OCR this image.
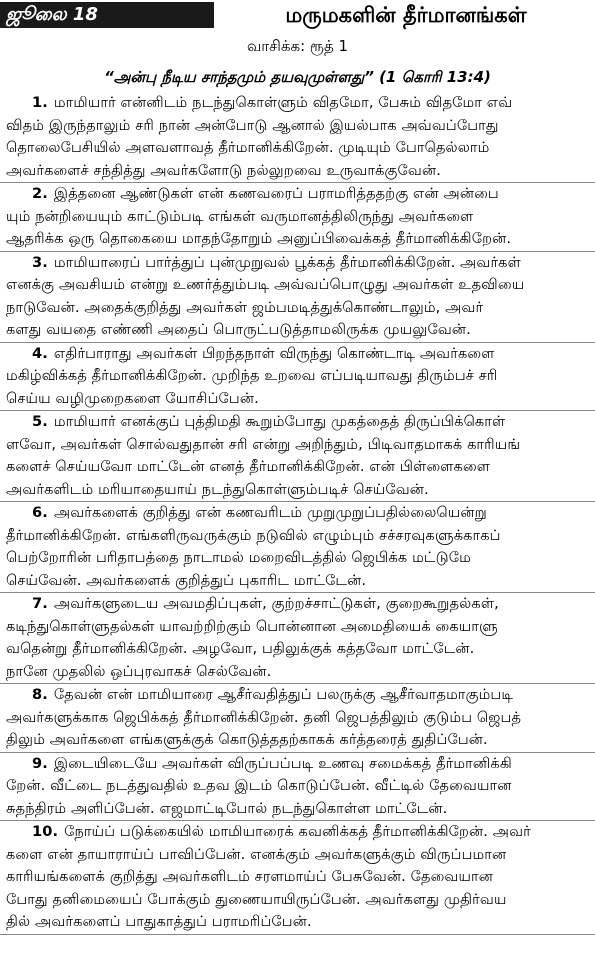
ஜூலை 18	மருமகளின் தீர்மானங்கள்
வாசிக்க: ரூத் 1
“அன்பு நீடிய சாந்தமும் தயவுமுள்ளது” (1 கொரி 13:4)
1. மாமியார் என்னிடம் நடந்துகொள்ளும் விதமோ, பேசும் விதமோ எவ்
விதம் இருந்தாலும் சரி நான் அன்போடு ஆனால் இயல்பாக அவ்வப்போது
தொலைபேசியில் அளவளாவத் தீர்மானிக்கிறேன். முடியும் போதெல்லாம்
அவர்களைச் சந்தித்து அவர்களோடு நல்லுறவை உருவாக்குவேன்.
2. இத்தனை ஆண்டுகள் என் கணவரைப் பராமரித்ததற்கு என் அன்பை
யும் நன்றியையும் காட்டும்படி எங்கள் வருமானத்திலிருந்து அவர்களை
ஆதரிக்க ஒரு தொகையை மாதந்தோறும் அனுப்பிவைக்கத் தீர்மானிக்கிறேன்.
3. மாமியாரைப் பார்த்துப் புன்முறுவல் பூக்கத் தீர்மானிக்கிறேன். அவர்கள்
எனக்கு அவசியம் என்று உணர்த்தும்படி அவ்வப்பொழுது அவர்கள் உதவியை
நாடுவேன். அதைக்குறித்து அவர்கள் ஜம்பமடித்துக்கொண்டாலும், அவர்
களது வயதை எண்ணி அதைப் பொருட்படுத்தாமலிருக்க முயலுவேன்.
4. எதிர்பாராது அவர்கள் பிறந்தநாள் விருந்து கொண்டாடி அவர்களை
மகிழ்விக்கத் தீர்மானிக்கிறேன். முறிந்த உறவை எப்படியாவது திரும்பச் சரி
செய்ய வழிமுறைகளை யோசிப்பேன்.
5. மாமியார் எனக்குப் புத்திமதி கூறும்போது முகத்தைத் திருப்பிக்கொள்
ளவோ, அவர்கள் சொல்வதுதான் சரி என்று அறிந்தும், பிடிவாதமாகக் காரியங்
களைச் செய்யவோ மாட்டேன் எனத் தீர்மானிக்கிறேன். என் பிள்ளைகளை
அவர்களிடம் மரியாதையாய் நடந்துகொள்ளும்படிச் செய்வேன்.
6. அவர்களைக் குறித்து என் கணவரிடம் முறுமுறுப்பதில்லையென்று
தீர்மானிக்கிறேன். எங்களிருவருக்கும் நடுவில் எழும்பும் சச்சரவுகளுக்காகப்
பெற்றோரின் பரிதாபத்தை நாடாமல் மறைவிடத்தில் ஜெபிக்க மட்டுமே
செய்வேன். அவர்களைக் குறித்துப் புகாரிட மாட்டேன்.
7. அவர்களுடைய அவமதிப்புகள், குற்றச்சாட்டுகள், குறைகூறுதல்கள்,
கடிந்துகொள்ளுதல்கள் யாவற்றிற்கும் பொன்னான அமைதியைக் கையாளு
வதென்று தீர்மானிக்கிறேன். அழவோ, பதிலுக்குக் கத்தவோ மாட்டேன்.
நானே முதலில் ஒப்புரவாகச் செல்வேன்.
8. தேவன் என் மாமியாரை ஆசீர்வதித்துப் பலருக்கு ஆசீர்வாதமாகும்படி
அவர்களுக்காக ஜெபிக்கத் தீர்மானிக்கிறேன். தனி ஜெபத்திலும் குடும்ப ஜெபத்
திலும் அவர்களை எங்களுக்குக் கொடுத்ததற்காகக் கர்த்தரைத் துதிப்பேன்.
9. இடையிடையே அவர்கள் விருப்பப்படி உணவு சமைக்கத் தீர்மானிக்கி
றேன். வீட்டை நடத்துவதில் உதவ இடம் கொடுப்பேன். வீட்டில் தேவையான
சுதந்திரம் அளிப்பேன். எஜமாட்டிபோல் நடந்துகொள்ள மாட்டேன்.
10. நோய்ப் படுக்கையில் மாமியாரைக் கவனிக்கத் தீர்மானிக்கிறேன். அவர்
களை என் தாயாராய்ப் பாவிப்பேன். எனக்கும் அவர்களுக்கும் விருப்பமான
காரியங்களைக் குறித்து அவர்களிடம் சரளமாய்ப் பேசுவேன். தேவையான
போது தனிமையைப் போக்கும் துணையாயிருப்பேன். அவர்களது முதிர்வய
தில் அவர்களைப் பாதுகாத்துப் பராமரிப்பேன்.
